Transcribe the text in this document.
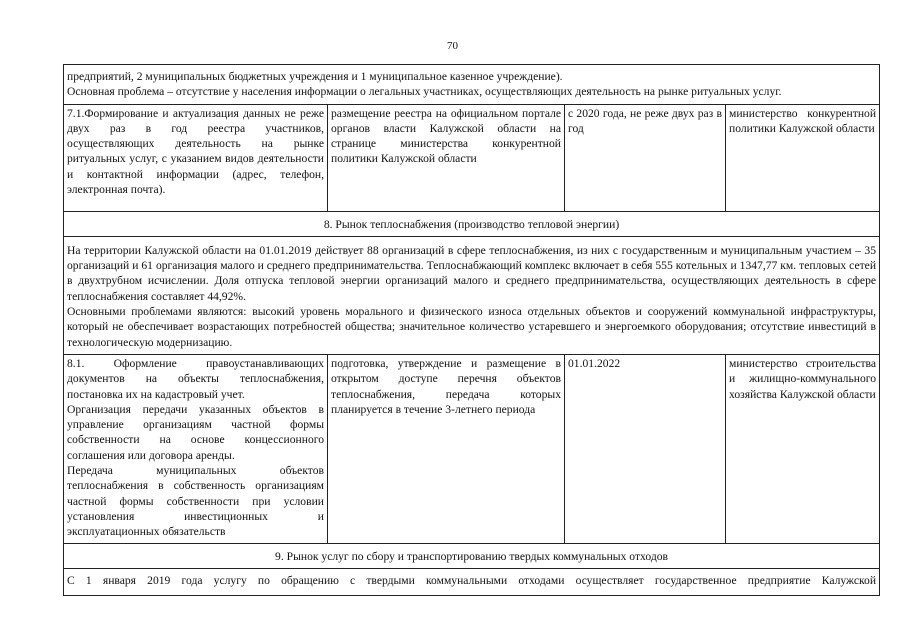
70
предприятий, 2 муниципальных бюджетных учреждения и 1 муниципальное казенное учреждение).
Основная проблема – отсутствие у населения информации о легальных участниках, осуществляющих деятельность на рынке ритуальных услуг.			

7.1.Формирование и актуализация данных не реже двух раз в год реестра участников, осуществляющих деятельность на рынке ритуальных услуг, с указанием видов деятельности и контактной информации (адрес, телефон, электронная почта).	размещение реестра на официальном портале органов власти Калужской области на странице министерства конкурентной политики Калужской области	с 2020 года, не реже двух раз в год	министерство конкурентной политики Калужской области
8. Рынок теплоснабжения (производство тепловой энергии)			

На территории Калужской области на 01.01.2019 действует 88 организаций в сфере теплоснабжения, из них с государственным и муниципальным участием – 35 организаций и 61 организация малого и среднего предпринимательства. Теплоснабжающий комплекс включает в себя 555 котельных и 1347,77 км. тепловых сетей в двухтрубном исчислении. Доля отпуска тепловой энергии организаций малого и среднего предпринимательства, осуществляющих деятельность в сфере теплоснабжения составляет 44,92%.
Основными проблемами являются: высокий уровень морального и физического износа отдельных объектов и сооружений коммунальной инфраструктуры, который не обеспечивает возрастающих потребностей общества; значительное количество устаревшего и энергоемкого оборудования; отсутствие инвестиций в технологическую модернизацию.			

8.1. Оформление правоустанавливающих документов на объекты теплоснабжения, постановка их на кадастровый учет.
Организация передачи указанных объектов в управление организациям частной формы собственности на основе концессионного соглашения или договора аренды.
Передача муниципальных объектов теплоснабжения в собственность организациям частной формы собственности при условии установления инвестиционных и эксплуатационных обязательств	подготовка, утверждение и размещение в открытом доступе перечня объектов теплоснабжения, передача которых планируется в течение 3-летнего периода	01.01.2022	министерство строительства и жилищно-коммунального хозяйства Калужской области
9. Рынок услуг по сбору и транспортированию твердых коммунальных отходов			

С 1 января 2019 года услугу по обращению с твердыми коммунальными отходами осуществляет государственное предприятие Калужской			
